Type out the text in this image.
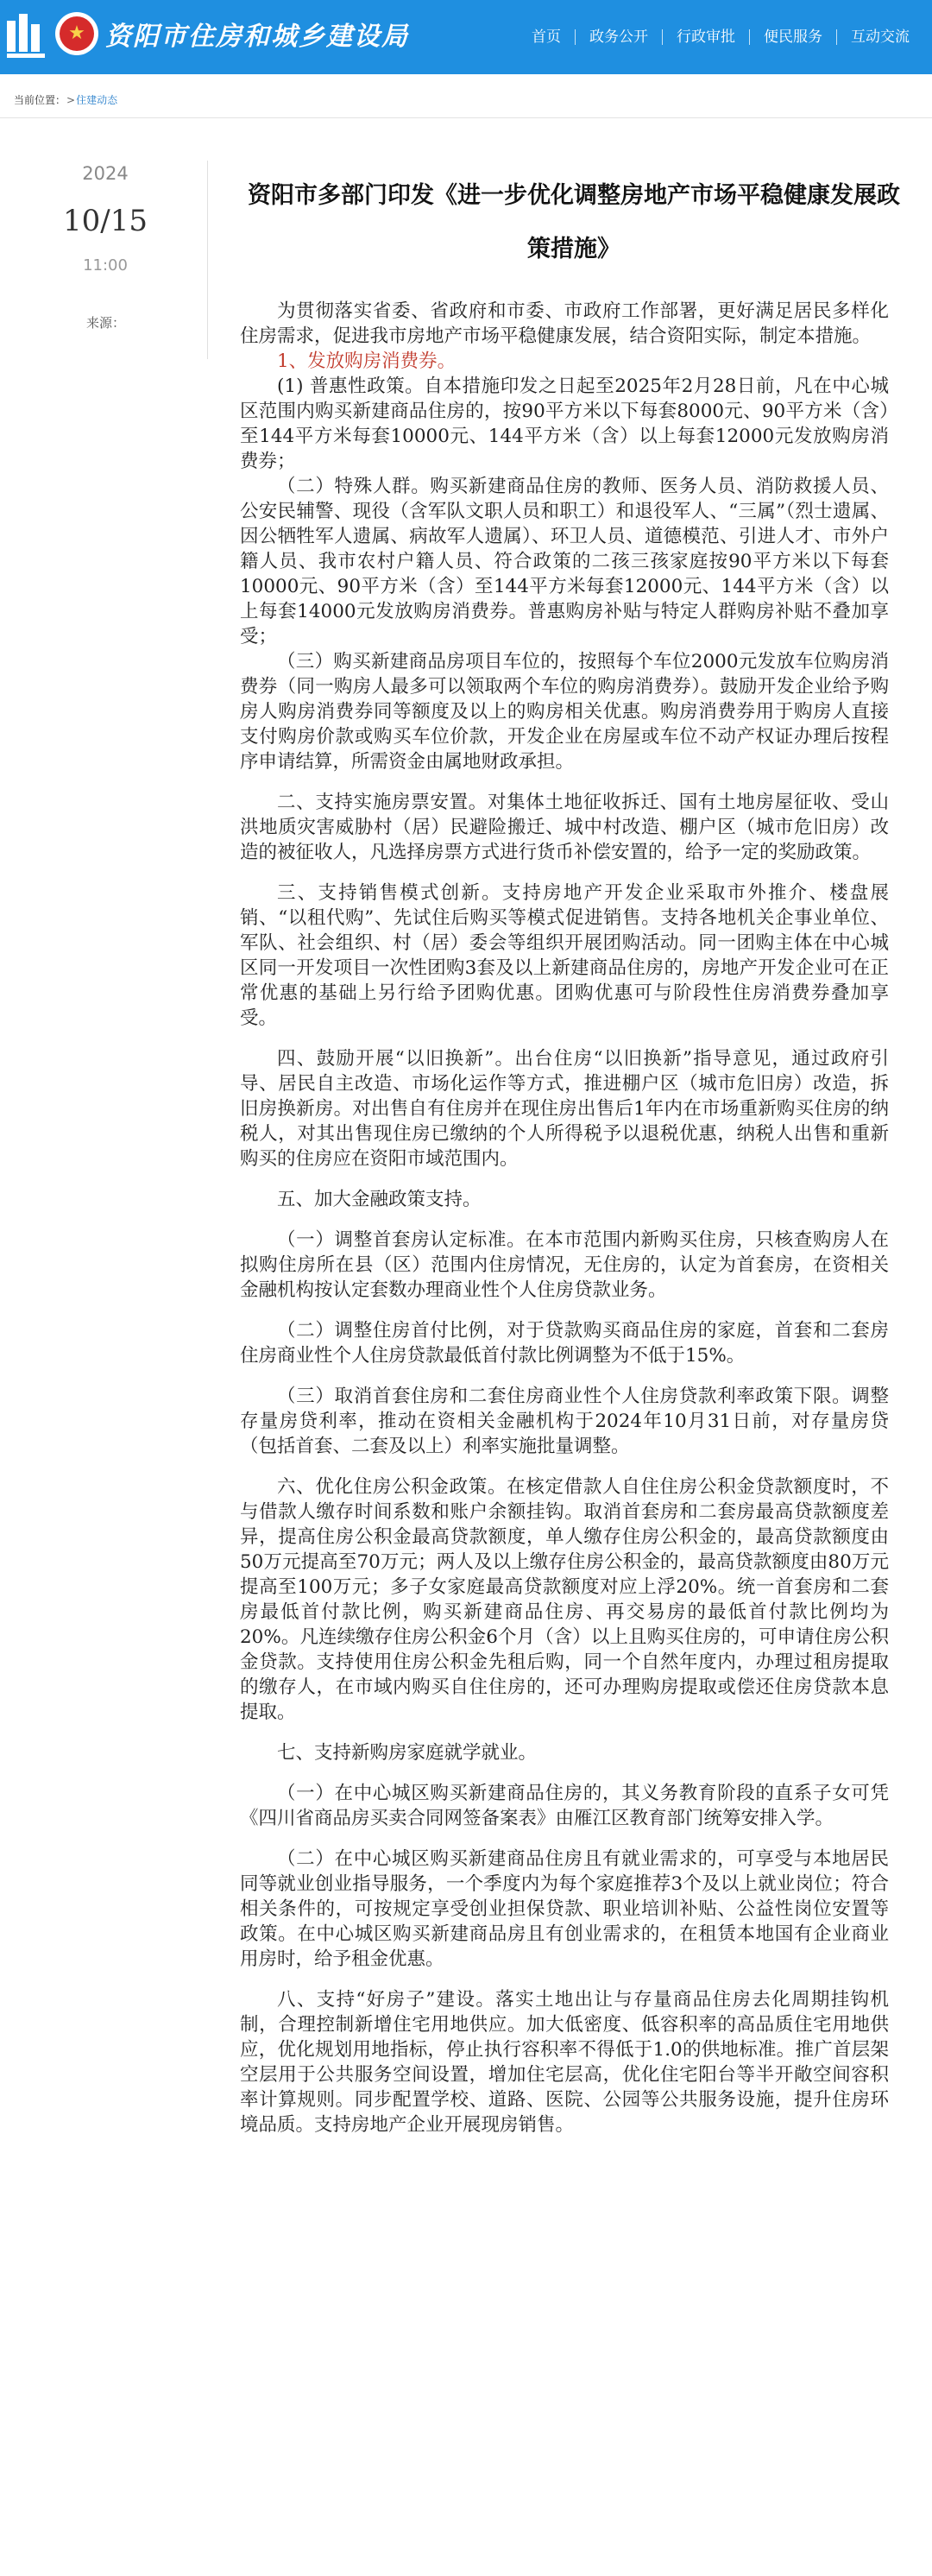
★ 资阳市住房和城乡建设局	首页	政务公开	行政审批	便民服务	互动交流
当前位置：>住建动态
2024
10/15
11:00
来源：
资阳市多部门印发《进一步优化调整房地产市场平稳健康发展政策措施》

为贯彻落实省委、省政府和市委、市政府工作部署，更好满足居民多样化住房需求，促进我市房地产市场平稳健康发展，结合资阳实际，制定本措施。

1、发放购房消费券。

(1) 普惠性政策。自本措施印发之日起至2025年2月28日前，凡在中心城区范围内购买新建商品住房的，按90平方米以下每套8000元、90平方米（含）至144平方米每套10000元、144平方米（含）以上每套12000元发放购房消费券；

（二）特殊人群。购买新建商品住房的教师、医务人员、消防救援人员、公安民辅警、现役（含军队文职人员和职工）和退役军人、“三属”（烈士遗属、因公牺牲军人遗属、病故军人遗属）、环卫人员、道德模范、引进人才、市外户籍人员、我市农村户籍人员、符合政策的二孩三孩家庭按90平方米以下每套10000元、90平方米（含）至144平方米每套12000元、144平方米（含）以上每套14000元发放购房消费券。普惠购房补贴与特定人群购房补贴不叠加享受；

（三）购买新建商品房项目车位的，按照每个车位2000元发放车位购房消费券（同一购房人最多可以领取两个车位的购房消费券）。鼓励开发企业给予购房人购房消费券同等额度及以上的购房相关优惠。购房消费券用于购房人直接支付购房价款或购买车位价款，开发企业在房屋或车位不动产权证办理后按程序申请结算，所需资金由属地财政承担。

二、支持实施房票安置。对集体土地征收拆迁、国有土地房屋征收、受山洪地质灾害威胁村（居）民避险搬迁、城中村改造、棚户区（城市危旧房）改造的被征收人，凡选择房票方式进行货币补偿安置的，给予一定的奖励政策。

三、支持销售模式创新。支持房地产开发企业采取市外推介、楼盘展销、“以租代购”、先试住后购买等模式促进销售。支持各地机关企事业单位、军队、社会组织、村（居）委会等组织开展团购活动。同一团购主体在中心城区同一开发项目一次性团购3套及以上新建商品住房的，房地产开发企业可在正常优惠的基础上另行给予团购优惠。团购优惠可与阶段性住房消费券叠加享受。

四、鼓励开展“以旧换新”。出台住房“以旧换新”指导意见，通过政府引导、居民自主改造、市场化运作等方式，推进棚户区（城市危旧房）改造，拆旧房换新房。对出售自有住房并在现住房出售后1年内在市场重新购买住房的纳税人，对其出售现住房已缴纳的个人所得税予以退税优惠，纳税人出售和重新购买的住房应在资阳市域范围内。

五、加大金融政策支持。

（一）调整首套房认定标准。在本市范围内新购买住房，只核查购房人在拟购住房所在县（区）范围内住房情况，无住房的，认定为首套房，在资相关金融机构按认定套数办理商业性个人住房贷款业务。

（二）调整住房首付比例，对于贷款购买商品住房的家庭，首套和二套房住房商业性个人住房贷款最低首付款比例调整为不低于15%。

（三）取消首套住房和二套住房商业性个人住房贷款利率政策下限。调整存量房贷利率，推动在资相关金融机构于2024年10月31日前，对存量房贷（包括首套、二套及以上）利率实施批量调整。

六、优化住房公积金政策。在核定借款人自住住房公积金贷款额度时，不与借款人缴存时间系数和账户余额挂钩。取消首套房和二套房最高贷款额度差异，提高住房公积金最高贷款额度，单人缴存住房公积金的，最高贷款额度由50万元提高至70万元；两人及以上缴存住房公积金的，最高贷款额度由80万元提高至100万元；多子女家庭最高贷款额度对应上浮20%。统一首套房和二套房最低首付款比例，购买新建商品住房、再交易房的最低首付款比例均为20%。凡连续缴存住房公积金6个月（含）以上且购买住房的，可申请住房公积金贷款。支持使用住房公积金先租后购，同一个自然年度内，办理过租房提取的缴存人，在市域内购买自住住房的，还可办理购房提取或偿还住房贷款本息提取。

七、支持新购房家庭就学就业。

（一）在中心城区购买新建商品住房的，其义务教育阶段的直系子女可凭《四川省商品房买卖合同网签备案表》由雁江区教育部门统筹安排入学。

（二）在中心城区购买新建商品住房且有就业需求的，可享受与本地居民同等就业创业指导服务，一个季度内为每个家庭推荐3个及以上就业岗位；符合相关条件的，可按规定享受创业担保贷款、职业培训补贴、公益性岗位安置等政策。在中心城区购买新建商品房且有创业需求的，在租赁本地国有企业商业用房时，给予租金优惠。

八、支持“好房子”建设。落实土地出让与存量商品住房去化周期挂钩机制，合理控制新增住宅用地供应。加大低密度、低容积率的高品质住宅用地供应，优化规划用地指标，停止执行容积率不得低于1.0的供地标准。推广首层架空层用于公共服务空间设置，增加住宅层高，优化住宅阳台等半开敞空间容积率计算规则。同步配置学校、道路、医院、公园等公共服务设施，提升住房环境品质。支持房地产企业开展现房销售。
